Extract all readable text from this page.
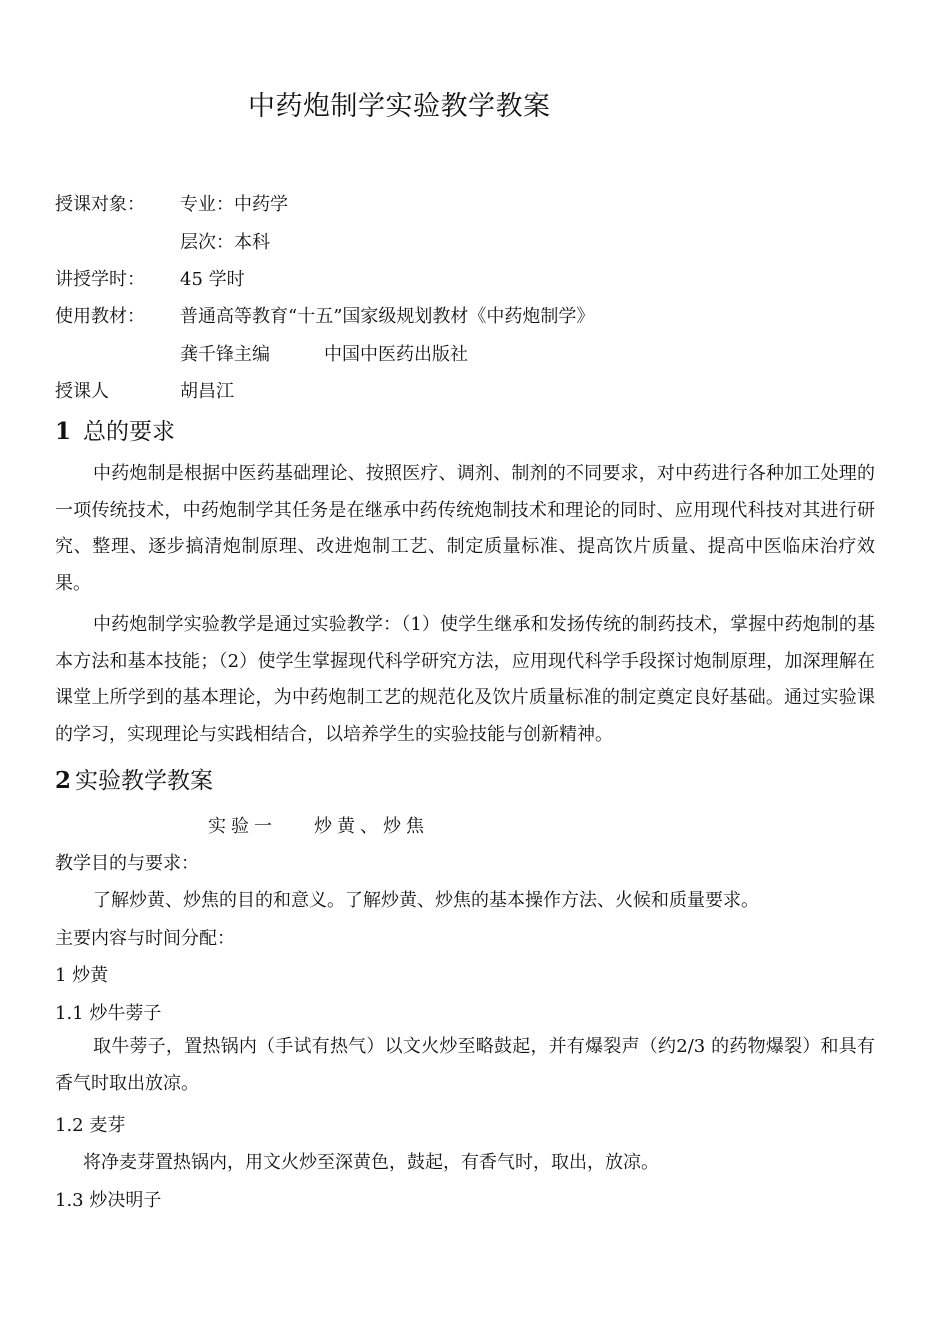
中药炮制学实验教学教案
授课对象： 专业：中药学
层次：本科
讲授学时： 45 学时
使用教材： 普通高等教育“十五”国家级规划教材《中药炮制学》
龚千锋主编	中国中医药出版社
授课人	胡昌江
1 总的要求
中药炮制是根据中医药基础理论、按照医疗、调剂、制剂的不同要求，对中药进行各种加工处理的一项传统技术，中药炮制学其任务是在继承中药传统炮制技术和理论的同时、应用现代科技对其进行研究、整理、逐步搞清炮制原理、改进炮制工艺、制定质量标准、提高饮片质量、提高中医临床治疗效果。
中药炮制学实验教学是通过实验教学：（1）使学生继承和发扬传统的制药技术，掌握中药炮制的基本方法和基本技能；（2）使学生掌握现代科学研究方法，应用现代科学手段探讨炮制原理，加深理解在课堂上所学到的基本理论，为中药炮制工艺的规范化及饮片质量标准的制定奠定良好基础。通过实验课的学习，实现理论与实践相结合，以培养学生的实验技能与创新精神。
2 实验教学教案
实验一 炒黄、炒焦
教学目的与要求：
了解炒黄、炒焦的目的和意义。了解炒黄、炒焦的基本操作方法、火候和质量要求。
主要内容与时间分配：
1 炒黄
1.1 炒牛蒡子
取牛蒡子，置热锅内（手试有热气）以文火炒至略鼓起，并有爆裂声（约2/3 的药物爆裂）和具有香气时取出放凉。
1.2 麦芽
将净麦芽置热锅内，用文火炒至深黄色，鼓起，有香气时，取出，放凉。
1.3 炒决明子
